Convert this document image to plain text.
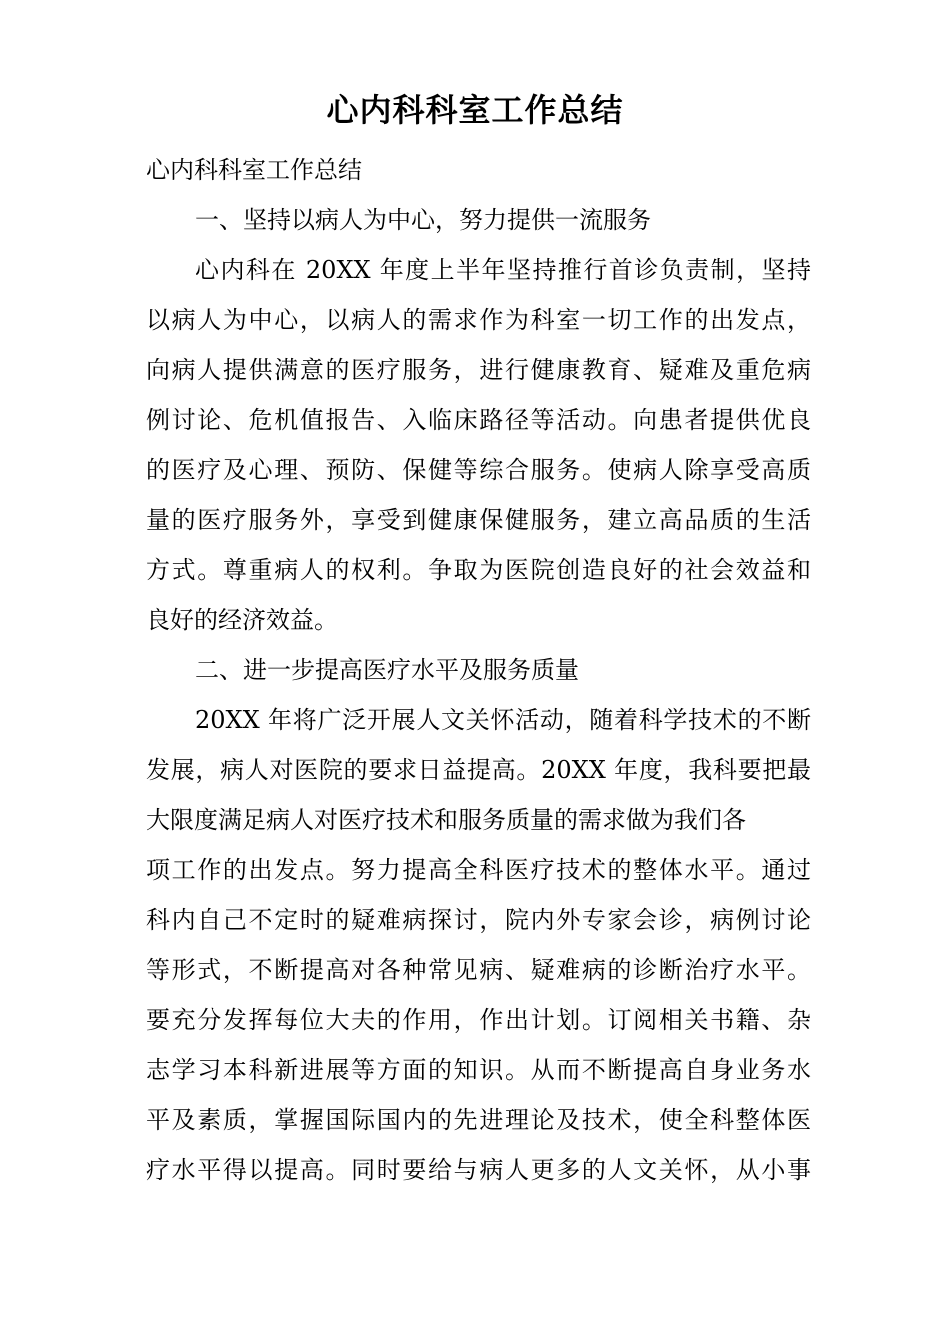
心内科科室工作总结
心内科科室工作总结
一、坚持以病人为中心，努力提供一流服务
心内科在 20XX 年度上半年坚持推行首诊负责制，坚持
以病人为中心，以病人的需求作为科室一切工作的出发点，
向病人提供满意的医疗服务，进行健康教育、疑难及重危病
例讨论、危机值报告、入临床路径等活动。向患者提供优良
的医疗及心理、预防、保健等综合服务。使病人除享受高质
量的医疗服务外，享受到健康保健服务，建立高品质的生活
方式。尊重病人的权利。争取为医院创造良好的社会效益和
良好的经济效益。
二、进一步提高医疗水平及服务质量
20XX 年将广泛开展人文关怀活动，随着科学技术的不断
发展，病人对医院的要求日益提高。20XX 年度，我科要把最
大限度满足病人对医疗技术和服务质量的需求做为我们各
项工作的出发点。努力提高全科医疗技术的整体水平。通过
科内自己不定时的疑难病探讨，院内外专家会诊，病例讨论
等形式，不断提高对各种常见病、疑难病的诊断治疗水平。
要充分发挥每位大夫的作用，作出计划。订阅相关书籍、杂
志学习本科新进展等方面的知识。从而不断提高自身业务水
平及素质，掌握国际国内的先进理论及技术，使全科整体医
疗水平得以提高。同时要给与病人更多的人文关怀，从小事
